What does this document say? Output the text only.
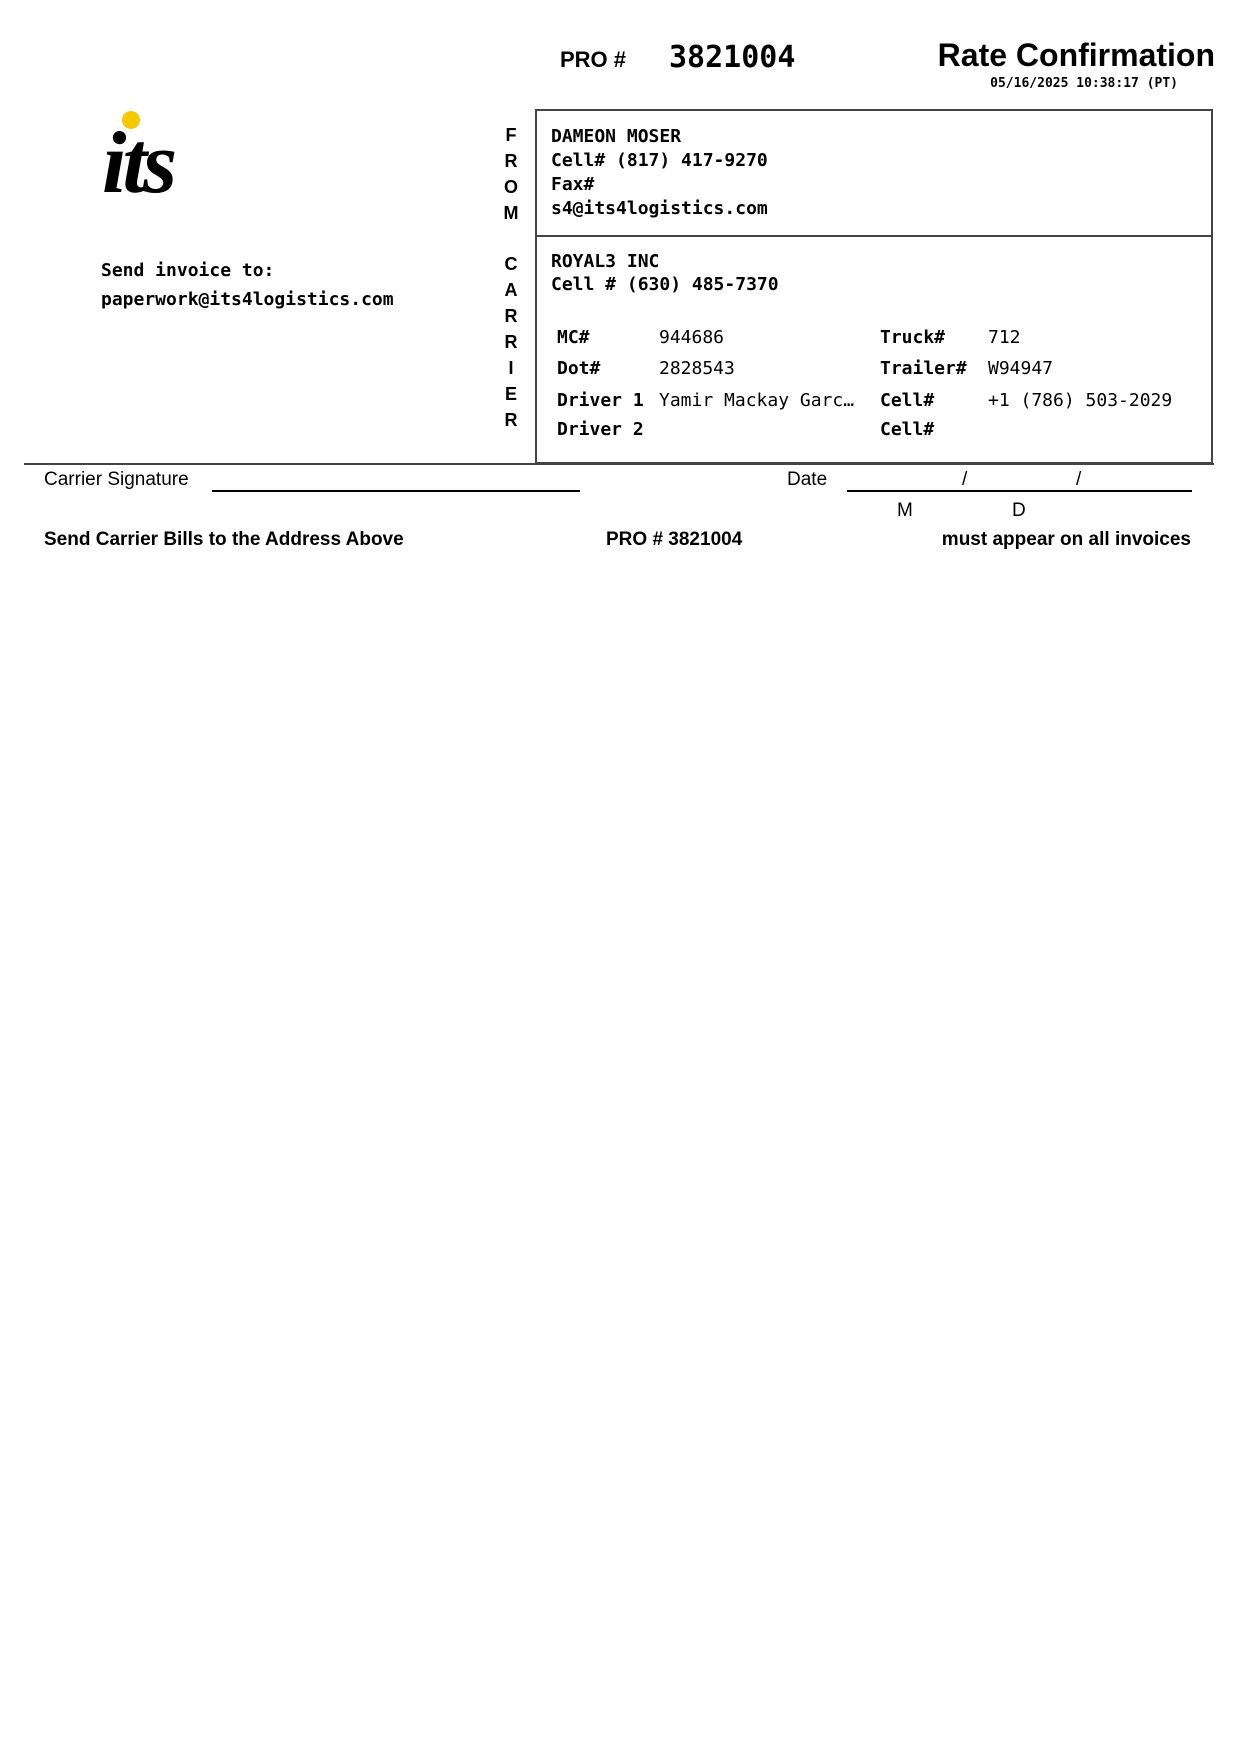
PRO # 3821004	Rate Confirmation
05/16/2025 10:38:17 (PT)
its
Send invoice to:
paperwork@its4logistics.com
F
R
O
M
C
A
R
R
I
E
R
DAMEON MOSER
Cell# (817) 417-9270
Fax#
s4@its4logistics.com
ROYAL3 INC
Cell # (630) 485-7370
MC#	944686	Truck# 712
Dot#	2828543	Trailer# W94947
Driver 1 Yamir Mackay Garc…	Cell#	+1 (786) 503-2029
Driver 2	Cell#
Carrier Signature	Date	/	/
M	D
Send Carrier Bills to the Address Above	PRO # 3821004	must appear on all invoices
